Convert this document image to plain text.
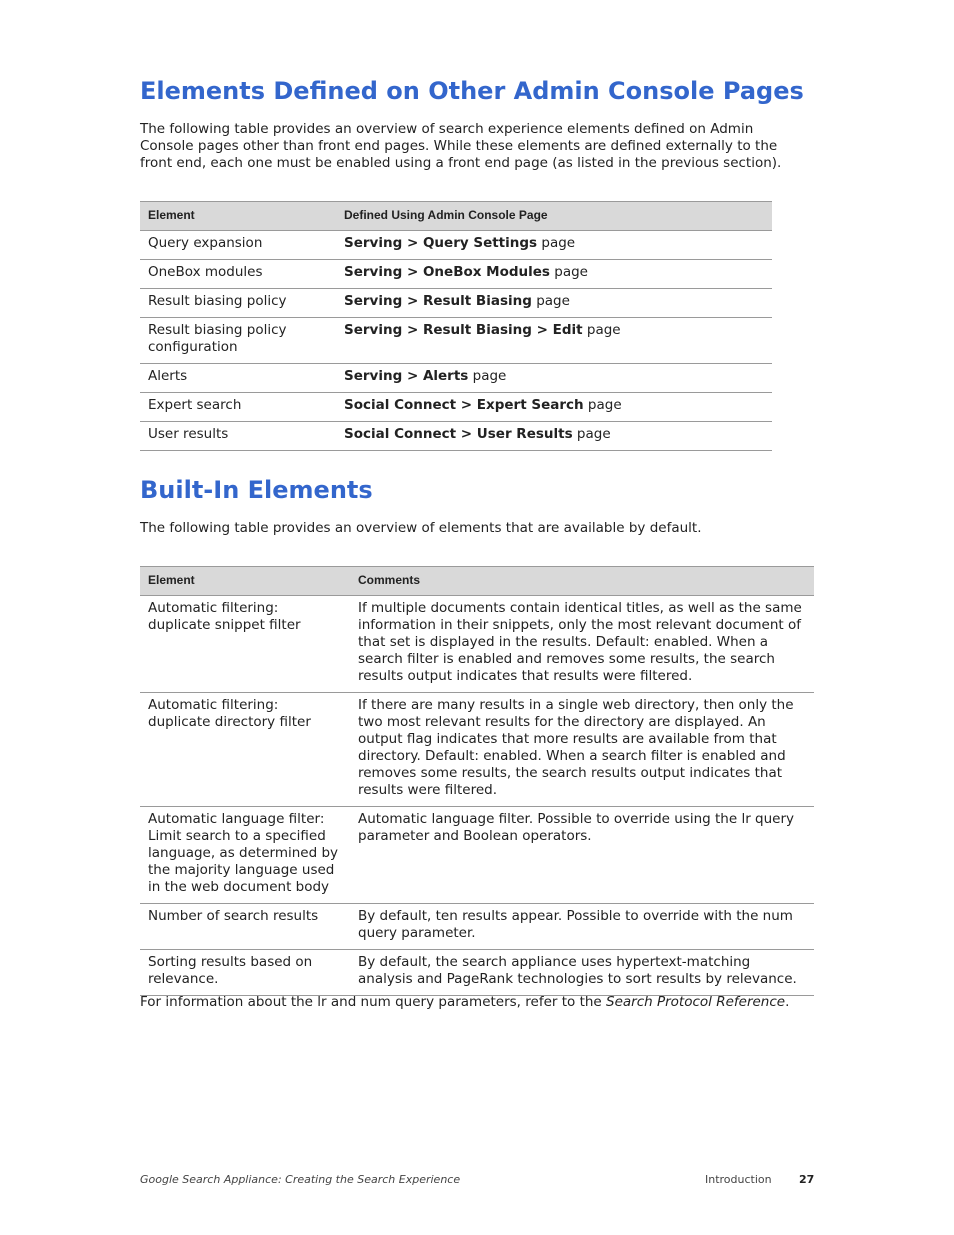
Elements Defined on Other Admin Console Pages

The following table provides an overview of search experience elements defined on Admin Console pages other than front end pages. While these elements are defined externally to the front end, each one must be enabled using a front end page (as listed in the previous section).

Element	Defined Using Admin Console Page
Query expansion	Serving > Query Settings page
OneBox modules	Serving > OneBox Modules page
Result biasing policy	Serving > Result Biasing page
Result biasing policy configuration	Serving > Result Biasing > Edit page
Alerts	Serving > Alerts page
Expert search	Social Connect > Expert Search page
User results	Social Connect > User Results page
Built-In Elements

The following table provides an overview of elements that are available by default.

Element	Comments
Automatic filtering: duplicate snippet filter	If multiple documents contain identical titles, as well as the same information in their snippets, only the most relevant document of that set is displayed in the results. Default: enabled. When a search filter is enabled and removes some results, the search results output indicates that results were filtered.
Automatic filtering: duplicate directory filter	If there are many results in a single web directory, then only the two most relevant results for the directory are displayed. An output flag indicates that more results are available from that directory. Default: enabled. When a search filter is enabled and removes some results, the search results output indicates that results were filtered.
Automatic language filter: Limit search to a specified language, as determined by the majority language used in the web document body	Automatic language filter. Possible to override using the lr query parameter and Boolean operators.
Number of search results	By default, ten results appear. Possible to override with the num query parameter.
Sorting results based on relevance.	By default, the search appliance uses hypertext-matching analysis and PageRank technologies to sort results by relevance.

For information about the lr and num query parameters, refer to the Search Protocol Reference.

Google Search Appliance: Creating the Search Experience	Introduction 27
